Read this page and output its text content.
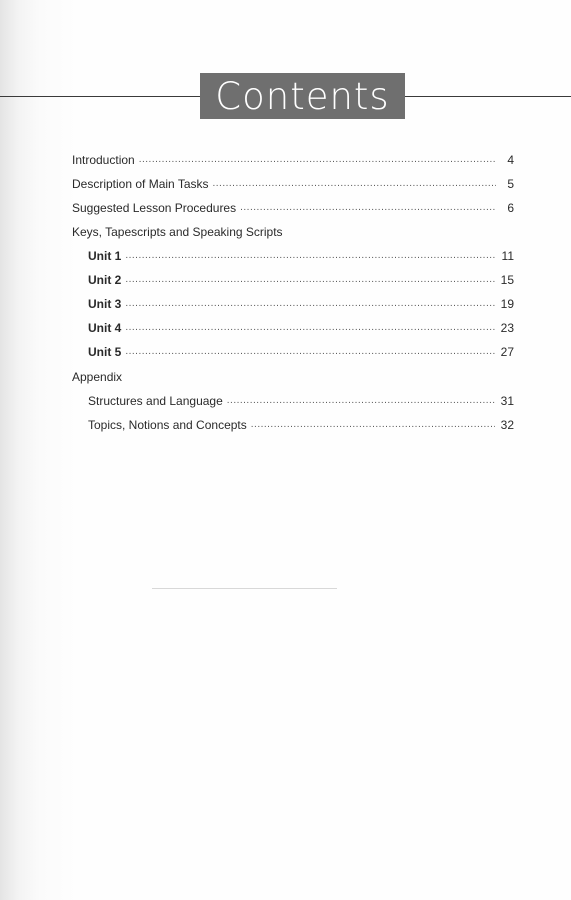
Contents
Introduction .....	4
Description of Main Tasks .....	5
Suggested Lesson Procedures .....	6
Keys, Tapescripts and Speaking Scripts
Unit 1 .....	11
Unit 2 .....	15
Unit 3 .....	19
Unit 4 .....	23
Unit 5 .....	27
Appendix
Structures and Language .....	31
Topics, Notions and Concepts .....	32
